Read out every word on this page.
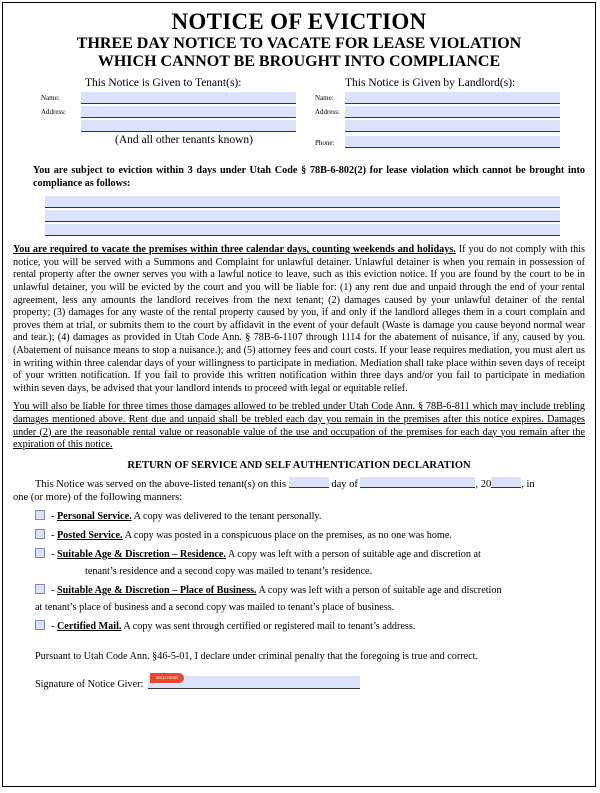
NOTICE OF EVICTION
THREE DAY NOTICE TO VACATE FOR LEASE VIOLATION
WHICH CANNOT BE BROUGHT INTO COMPLIANCE
This Notice is Given to Tenant(s):	This Notice is Given by Landlord(s):
Name:
Address:
(And all other tenants known)
Name:
Address:
Phone:
You are subject to eviction within 3 days under Utah Code § 78B-6-802(2) for lease violation which cannot be brought into compliance as follows:
You are required to vacate the premises within three calendar days, counting weekends and holidays. If you do not comply with this notice, you will be served with a Summons and Complaint for unlawful detainer. Unlawful detainer is when you remain in possession of rental property after the owner serves you with a lawful notice to leave, such as this eviction notice. If you are found by the court to be in unlawful detainer, you will be evicted by the court and you will be liable for: (1) any rent due and unpaid through the end of your rental agreement, less any amounts the landlord receives from the next tenant; (2) damages caused by your unlawful detainer of the rental property; (3) damages for any waste of the rental property caused by you, if and only if the landlord alleges them in a court complain and proves them at trial, or submits them to the court by affidavit in the event of your default (Waste is damage you cause beyond normal wear and tear.); (4) damages as provided in Utah Code Ann. § 78B-6-1107 through 1114 for the abatement of nuisance, if any, caused by you. (Abatement of nuisance means to stop a nuisance.); and (5) attorney fees and court costs. If your lease requires mediation, you must alert us in writing within three calendar days of your willingness to participate in mediation. Mediation shall take place within seven days of receipt of your written notification. If you fail to provide this written notification within three days and/or you fail to participate in mediation within seven days, be advised that your landlord intends to proceed with legal or equitable relief.
You will also be liable for three times those damages allowed to be trebled under Utah Code Ann. § 78B-6-811 which may include trebling damages mentioned above. Rent due and unpaid shall be trebled each day you remain in the premises after this notice expires. Damages under (2) are the reasonable rental value or reasonable value of the use and occupation of the premises for each day you remain after the expiration of this notice.
RETURN OF SERVICE AND SELF AUTHENTICATION DECLARATION
This Notice was served on the above-listed tenant(s) on this	day of	, 20	, in
one (or more) of the following manners:
- Personal Service. A copy was delivered to the tenant personally.
- Posted Service. A copy was posted in a conspicuous place on the premises, as no one was home.
- Suitable Age & Discretion – Residence. A copy was left with a person of suitable age and discretion at
tenant’s residence and a second copy was mailed to tenant’s residence.
- Suitable Age & Discretion – Place of Business. A copy was left with a person of suitable age and discretion
at tenant’s place of business and a second copy was mailed to tenant’s place of business.
- Certified Mail. A copy was sent through certified or registered mail to tenant’s address.
Pursuant to Utah Code Ann. §46-5-01, I declare under criminal penalty that the foregoing is true and correct.
Signature of Notice Giver:
SIGN HERE
